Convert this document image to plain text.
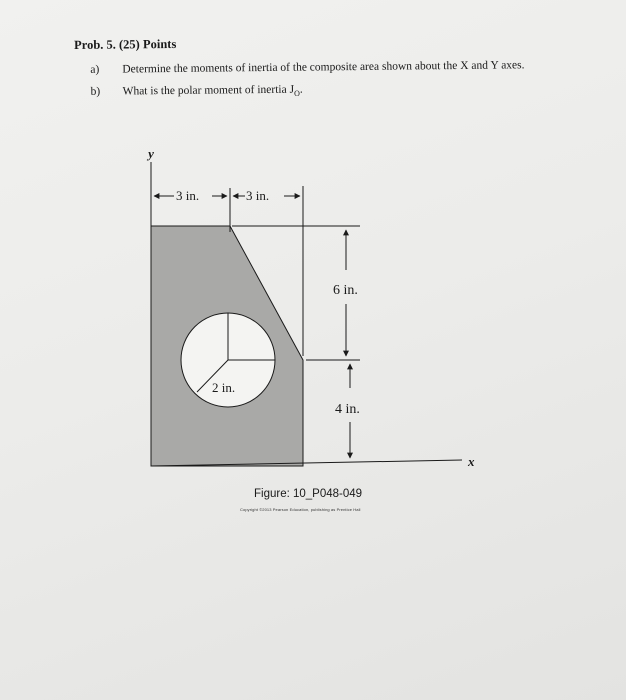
Prob. 5. (25) Points
a)	Determine the moments of inertia of the composite area shown about the X and Y axes.
b)	What is the polar moment of inertia $J_O$.
2 in.
y
x
3 in.	3 in.
6 in.
4 in.
Figure: 10_P048-049
Copyright ©2013 Pearson Education, publishing as Prentice Hall
